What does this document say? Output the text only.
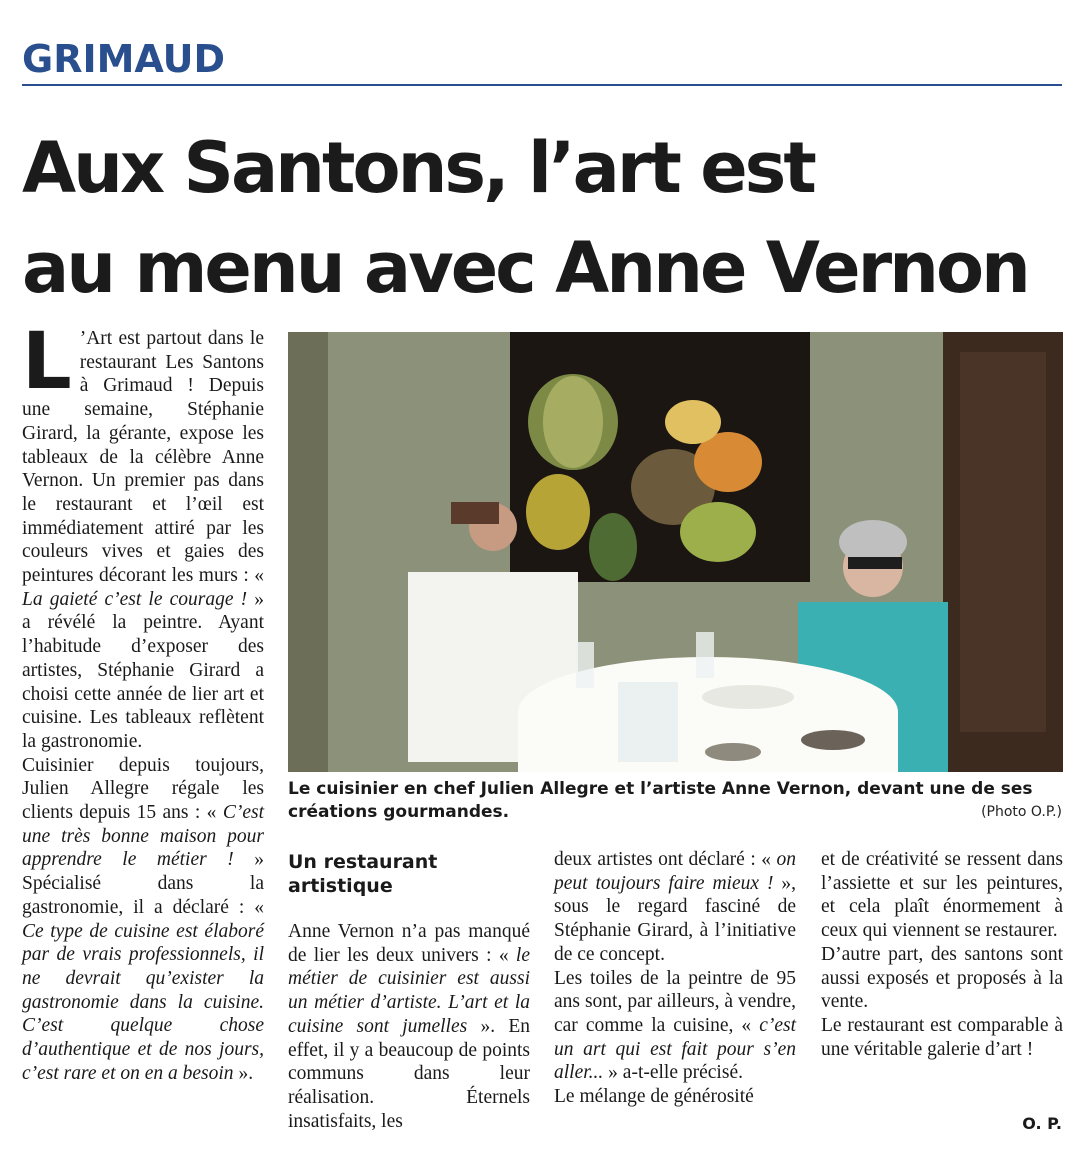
GRIMAUD
Aux Santons, l’art est
au menu avec Anne Vernon
L ’Art est partout dans le restaurant Les Santons à Grimaud ! Depuis une semaine, Stéphanie Girard, la gérante, expose les tableaux de la célèbre Anne Vernon. Un premier pas dans le restaurant et l’œil est immédiatement attiré par les couleurs vives et gaies des peintures décorant les murs : « La gaieté c’est le courage ! » a révélé la peintre. Ayant l’habitude d’exposer des artistes, Stéphanie Girard a choisi cette année de lier art et cuisine. Les tableaux reflètent la gastronomie.

Cuisinier depuis toujours, Julien Allegre régale les clients depuis 15 ans : « C’est une très bonne maison pour apprendre le métier ! » Spécialisé dans la gastronomie, il a déclaré : « Ce type de cuisine est élaboré par de vrais professionnels, il ne devrait qu’exister la gastronomie dans la cuisine. C’est quelque chose d’authentique et de nos jours, c’est rare et on en a besoin ».

Le cuisinier en chef Julien Allegre et l’artiste Anne Vernon, devant une de ses créations gourmandes.	(Photo O.P.)
Un restaurant artistique

Anne Vernon n’a pas manqué de lier les deux univers : « le métier de cuisinier est aussi un métier d’artiste. L’art et la cuisine sont jumelles ». En effet, il y a beaucoup de points communs dans leur réalisation. Éternels insatisfaits, les

deux artistes ont déclaré : « on peut toujours faire mieux ! », sous le regard fasciné de Stéphanie Girard, à l’initiative de ce concept.

Les toiles de la peintre de 95 ans sont, par ailleurs, à vendre, car comme la cuisine, « c’est un art qui est fait pour s’en aller... » a-t-elle précisé.

Le mélange de générosité

et de créativité se ressent dans l’assiette et sur les peintures, et cela plaît énormement à ceux qui viennent se restaurer.

D’autre part, des santons sont aussi exposés et proposés à la vente.

Le restaurant est comparable à une véritable galerie d’art !

O. P.
